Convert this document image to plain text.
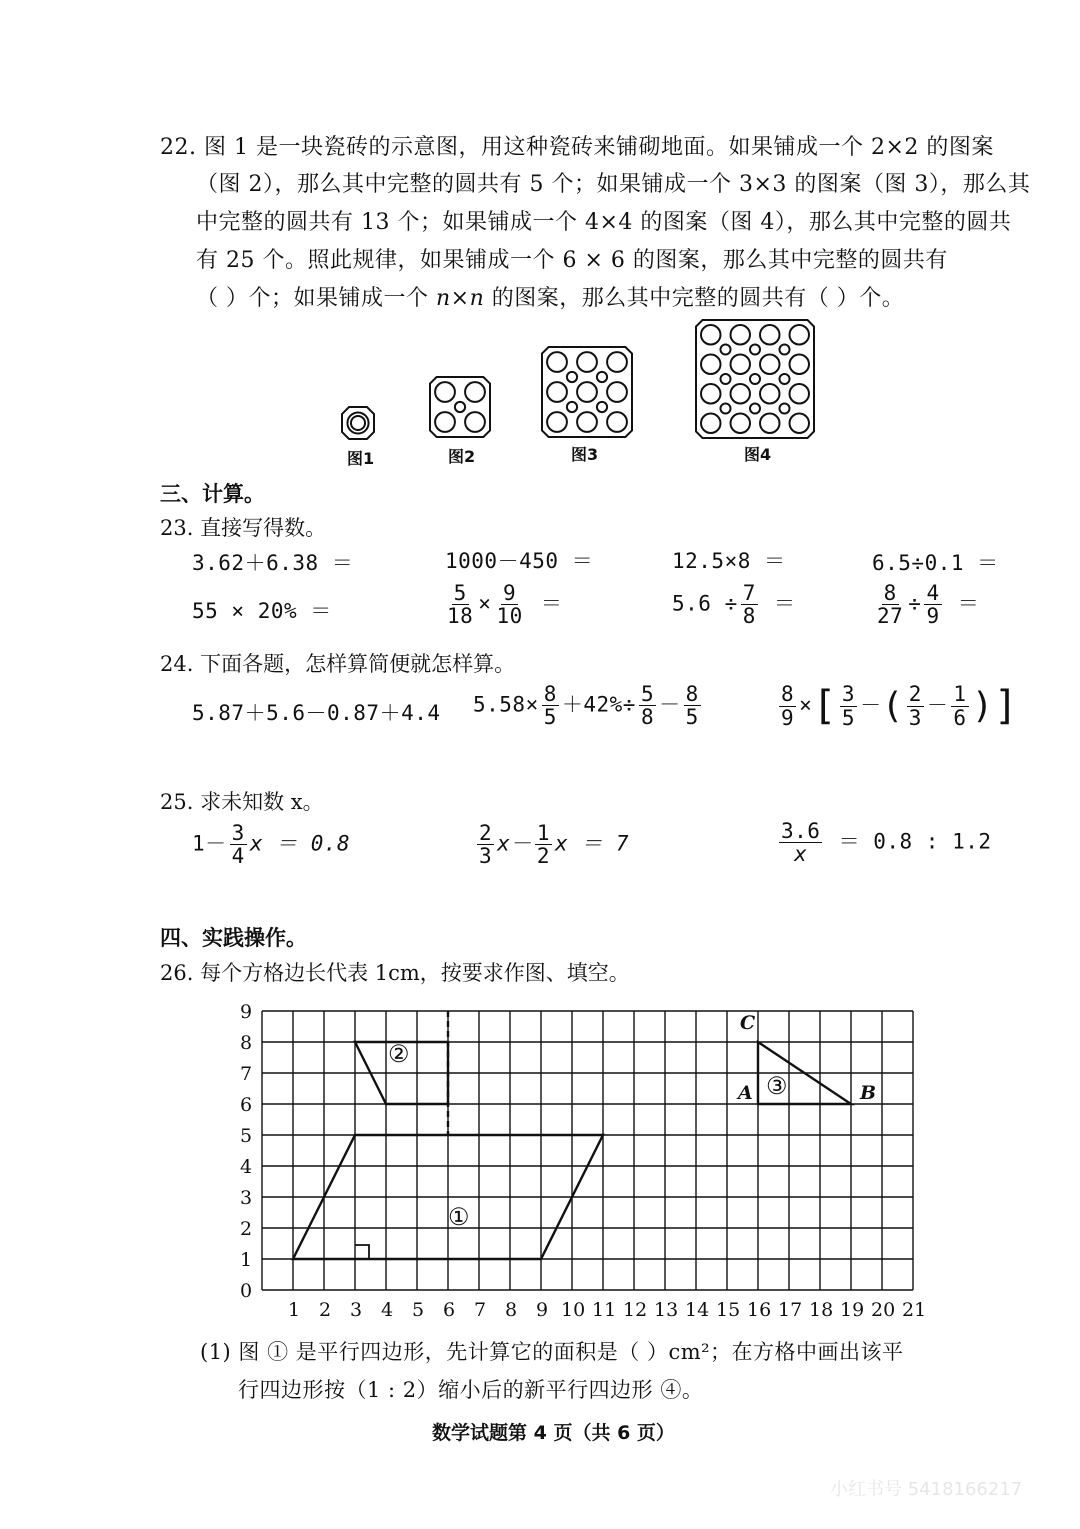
22. 图 1 是一块瓷砖的示意图，用这种瓷砖来铺砌地面。如果铺成一个 2×2 的图案
（图 2），那么其中完整的圆共有 5 个；如果铺成一个 3×3 的图案（图 3），那么其
中完整的圆共有 13 个；如果铺成一个 4×4 的图案（图 4），那么其中完整的圆共
有 25 个。照此规律，如果铺成一个 6 × 6 的图案，那么其中完整的圆共有
（ ）个；如果铺成一个 n×n 的图案，那么其中完整的圆共有（ ）个。
图1	图2	图3	图4
三、计算。
23. 直接写得数。
3.62＋6.38 ＝	1000－450 ＝	12.5×8 ＝	6.5÷0.1 ＝
55 × 20% ＝	$\frac{5}{18} \times \frac{9}{10}$ ＝	$5.6 \div \frac{7}{8}$ ＝	$\frac{8}{27} \div \frac{4}{9}$ ＝
24. 下面各题，怎样算简便就怎样算。
5.87＋5.6－0.87＋4.4 $5.58\times \frac{8}{5} +42\%\div \frac{5}{8} - \frac{8}{5}$	$\frac{8}{9}$ ×[ $\frac{3}{5}$ －( $\frac{2}{3} - \frac{1}{6}$ )]
25. 求未知数 x。
$1- \frac{3}{4}$ x ＝ 0.8	$\frac{2}{3} x- \frac{1}{2}$ x ＝ 7	$\frac{3.6}{x} = 0.8$ : 1.2
四、实践操作。
26. 每个方格边长代表 1cm，按要求作图、填空。
1 2 3 4 5 6 7 8 9 10 11 12 13 14 15 16 17 18 19 20 21
0
1
2
3
4
5
6
7
8
9
②
①
③
A	B
C
(1) 图 ① 是平行四边形，先计算它的面积是（ ）cm²；在方格中画出该平
行四边形按（1 : 2）缩小后的新平行四边形 ④。
数学试题第 4 页（共 6 页）
小红书号 5418166217
